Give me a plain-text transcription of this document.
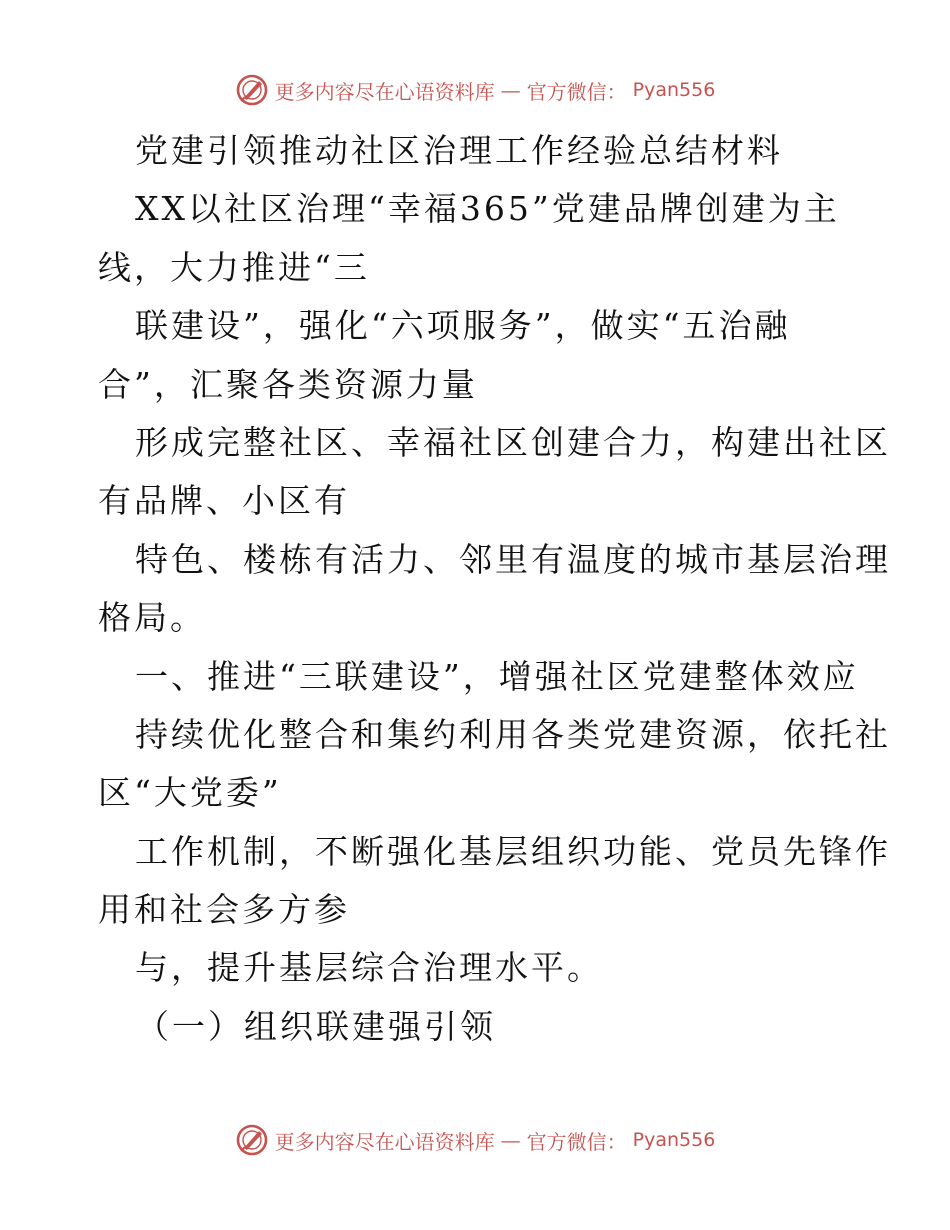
更多内容尽在心语资料库 — 官方微信： Pyan556
党建引领推动社区治理工作经验总结材料
XX以社区治理“幸福365”党建品牌创建为主
线，大力推进“三
联建设”，强化“六项服务”，做实“五治融
合”，汇聚各类资源力量
形成完整社区、幸福社区创建合力，构建出社区
有品牌、小区有
特色、楼栋有活力、邻里有温度的城市基层治理
格局。
一、推进“三联建设”，增强社区党建整体效应
持续优化整合和集约利用各类党建资源，依托社
区“大党委”
工作机制，不断强化基层组织功能、党员先锋作
用和社会多方参
与，提升基层综合治理水平。
（一）组织联建强引领
更多内容尽在心语资料库 — 官方微信： Pyan556
